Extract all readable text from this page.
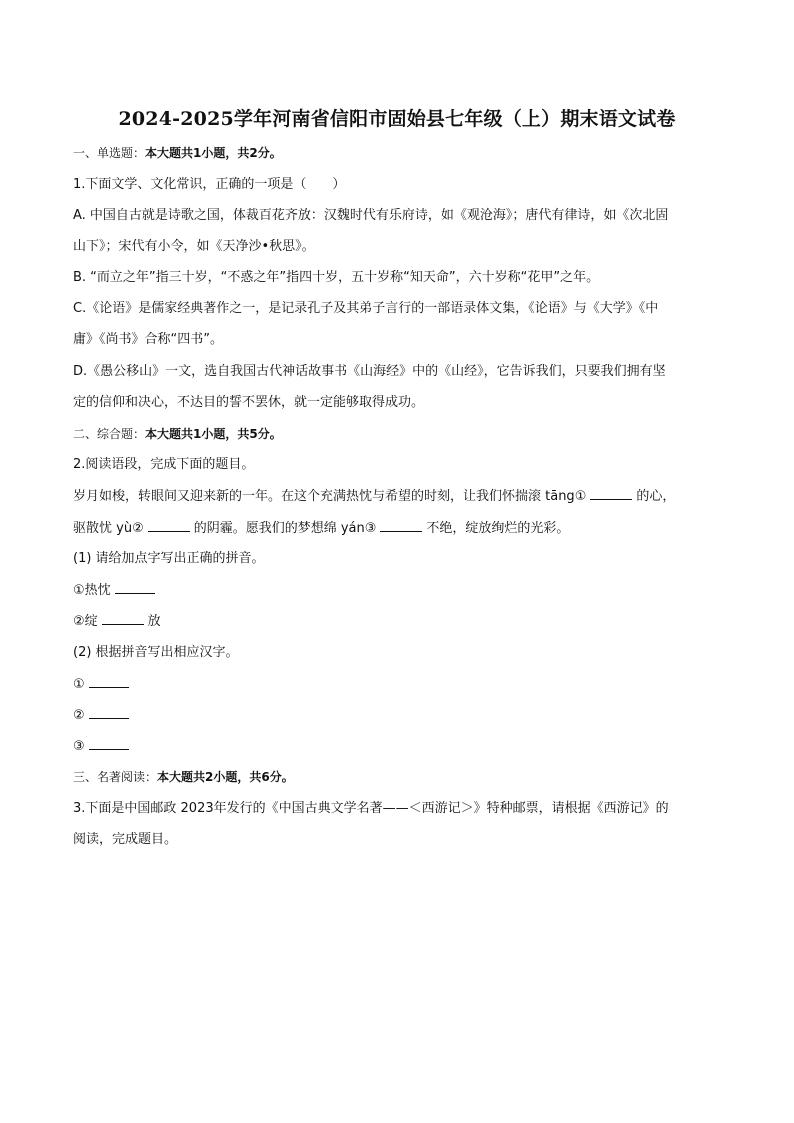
2024-2025学年河南省信阳市固始县七年级（上）期末语文试卷
一、单选题：本大题共1小题，共2分。
1.下面文学、文化常识，正确的一项是（　　）
A. 中国自古就是诗歌之国，体裁百花齐放：汉魏时代有乐府诗，如《观沧海》；唐代有律诗，如《次北固
山下》；宋代有小令，如《天净沙•秋思》。
B. “而立之年”指三十岁，“不惑之年”指四十岁，五十岁称“知天命”，六十岁称“花甲”之年。
C.《论语》是儒家经典著作之一，是记录孔子及其弟子言行的一部语录体文集，《论语》与《大学》《中
庸》《尚书》合称“四书”。
D.《愚公移山》一文，选自我国古代神话故事书《山海经》中的《山经》，它告诉我们，只要我们拥有坚
定的信仰和决心，不达目的誓不罢休，就一定能够取得成功。
二、综合题：本大题共1小题，共5分。
2.阅读语段，完成下面的题目。
岁月如梭，转眼间又迎来新的一年。在这个充满热忱与希望的时刻，让我们怀揣滚 tāng①	的心，
驱散忧 yù②	的阴霾。愿我们的梦想绵 yán③	不绝，绽放绚烂的光彩。
(1) 请给加点字写出正确的拼音。
①热忱
②绽	放
(2) 根据拼音写出相应汉字。
①
②
③
三、名著阅读：本大题共2小题，共6分。
3.下面是中国邮政 2023年发行的《中国古典文学名著——＜西游记＞》特种邮票，请根据《西游记》的
阅读，完成题目。
